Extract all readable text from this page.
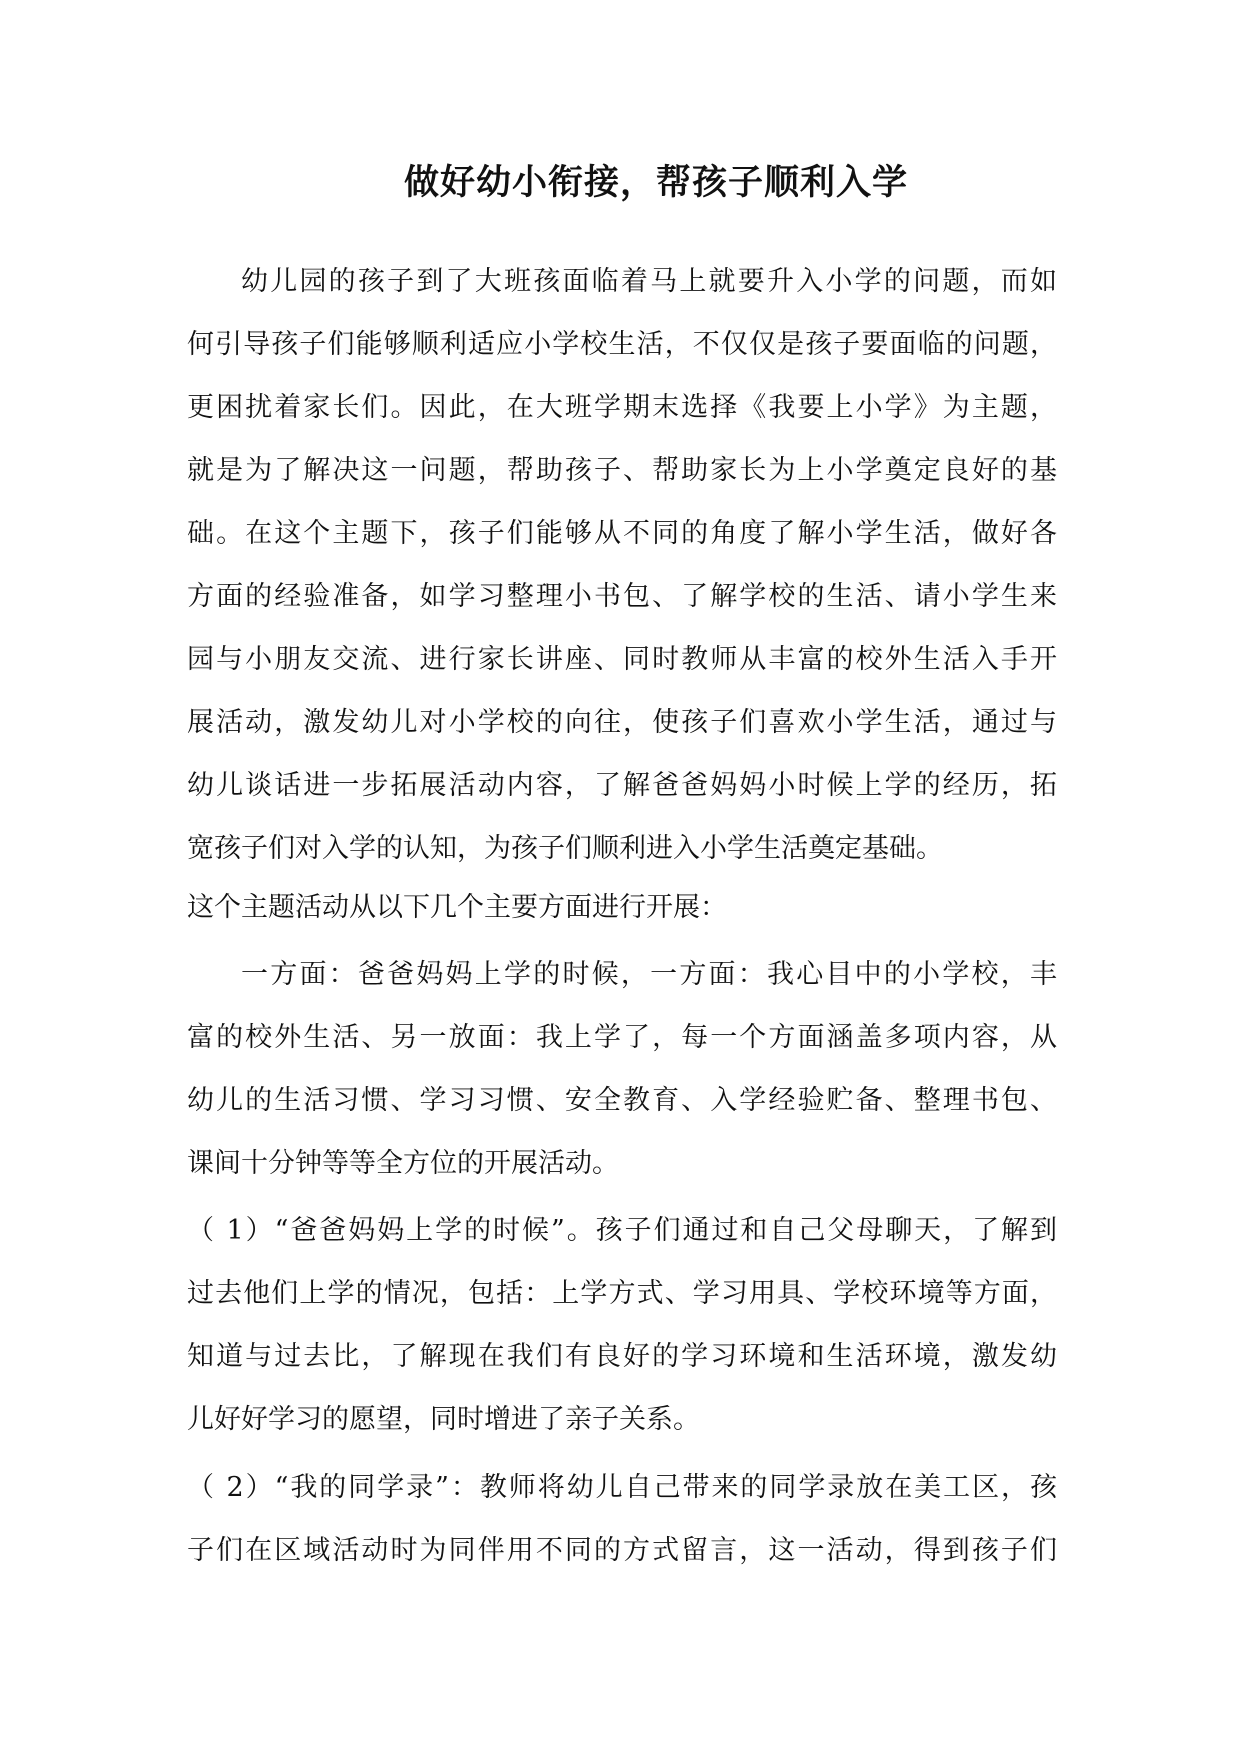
做好幼小衔接，帮孩子顺利入学

幼儿园的孩子到了大班孩面临着马上就要升入小学的问题，而如

何引导孩子们能够顺利适应小学校生活，不仅仅是孩子要面临的问题，

更困扰着家长们。因此，在大班学期末选择《我要上小学》为主题，

就是为了解决这一问题，帮助孩子、帮助家长为上小学奠定良好的基

础。在这个主题下，孩子们能够从不同的角度了解小学生活，做好各

方面的经验准备，如学习整理小书包、了解学校的生活、请小学生来

园与小朋友交流、进行家长讲座、同时教师从丰富的校外生活入手开

展活动，激发幼儿对小学校的向往，使孩子们喜欢小学生活，通过与

幼儿谈话进一步拓展活动内容，了解爸爸妈妈小时候上学的经历，拓

宽孩子们对入学的认知，为孩子们顺利进入小学生活奠定基础。

这个主题活动从以下几个主要方面进行开展：

一方面：爸爸妈妈上学的时候，一方面：我心目中的小学校，丰

富的校外生活、另一放面：我上学了，每一个方面涵盖多项内容，从

幼儿的生活习惯、学习习惯、安全教育、入学经验贮备、整理书包、

课间十分钟等等全方位的开展活动。

（ 1）“爸爸妈妈上学的时候”。孩子们通过和自己父母聊天，了解到

过去他们上学的情况，包括：上学方式、学习用具、学校环境等方面，

知道与过去比，了解现在我们有良好的学习环境和生活环境，激发幼

儿好好学习的愿望，同时增进了亲子关系。

（ 2）“我的同学录”：教师将幼儿自己带来的同学录放在美工区，孩

子们在区域活动时为同伴用不同的方式留言，这一活动，得到孩子们
